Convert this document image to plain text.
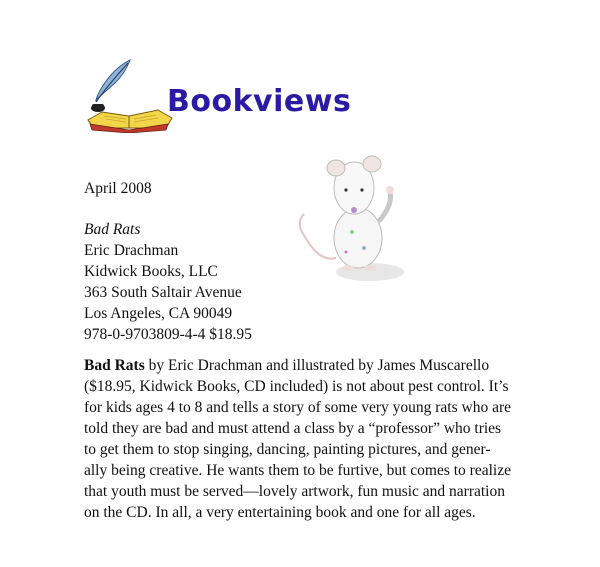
Bookviews
April 2008
Bad Rats
Eric Drachman
Kidwick Books, LLC
363 South Saltair Avenue
Los Angeles, CA 90049
978-0-9703809-4-4 $18.95
Bad Rats by Eric Drachman and illustrated by James Muscarello
($18.95, Kidwick Books, CD included) is not about pest control. It’s
for kids ages 4 to 8 and tells a story of some very young rats who are
told they are bad and must attend a class by a “professor” who tries
to get them to stop singing, dancing, painting pictures, and gener-
ally being creative. He wants them to be furtive, but comes to realize
that youth must be served—lovely artwork, fun music and narration
on the CD. In all, a very entertaining book and one for all ages.
